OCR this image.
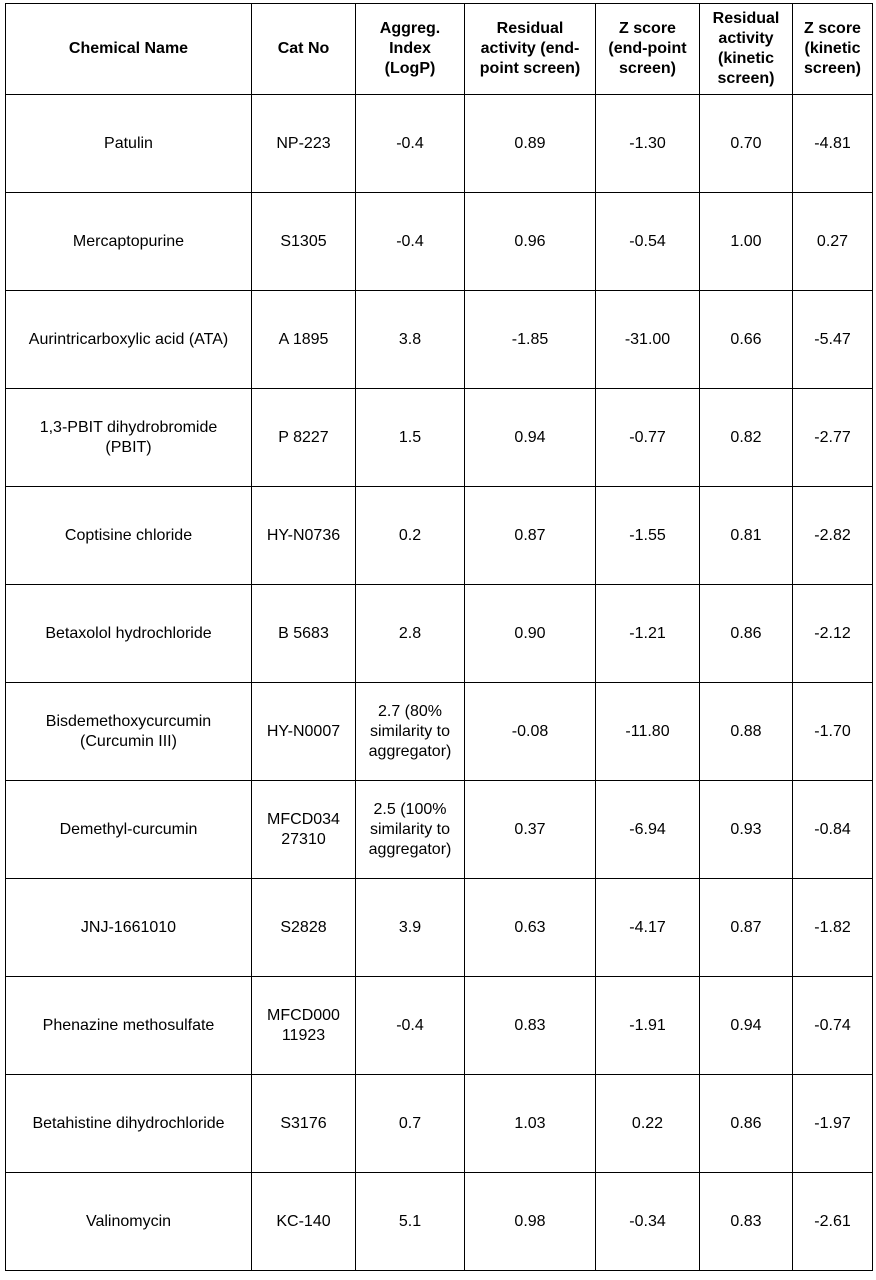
Chemical Name	Cat No	Aggreg.
Index
(LogP)	Residual
activity (end-
point screen)	Z score
(end-point
screen)	Residual
activity
(kinetic
screen)	Z score
(kinetic
screen)
Patulin	NP-223	-0.4	0.89	-1.30	0.70	-4.81
Mercaptopurine	S1305	-0.4	0.96	-0.54	1.00	0.27
Aurintricarboxylic acid (ATA)	A 1895	3.8	-1.85	-31.00	0.66	-5.47
1,3-PBIT dihydrobromide
(PBIT)	P 8227	1.5	0.94	-0.77	0.82	-2.77
Coptisine chloride	HY-N0736	0.2	0.87	-1.55	0.81	-2.82
Betaxolol hydrochloride	B 5683	2.8	0.90	-1.21	0.86	-2.12
Bisdemethoxycurcumin
(Curcumin III)	HY-N0007	2.7 (80%
similarity to
aggregator)	-0.08	-11.80	0.88	-1.70
Demethyl-curcumin	MFCD034
27310	2.5 (100%
similarity to
aggregator)	0.37	-6.94	0.93	-0.84
JNJ-1661010	S2828	3.9	0.63	-4.17	0.87	-1.82
Phenazine methosulfate	MFCD000
11923	-0.4	0.83	-1.91	0.94	-0.74
Betahistine dihydrochloride	S3176	0.7	1.03	0.22	0.86	-1.97
Valinomycin	KC-140	5.1	0.98	-0.34	0.83	-2.61
